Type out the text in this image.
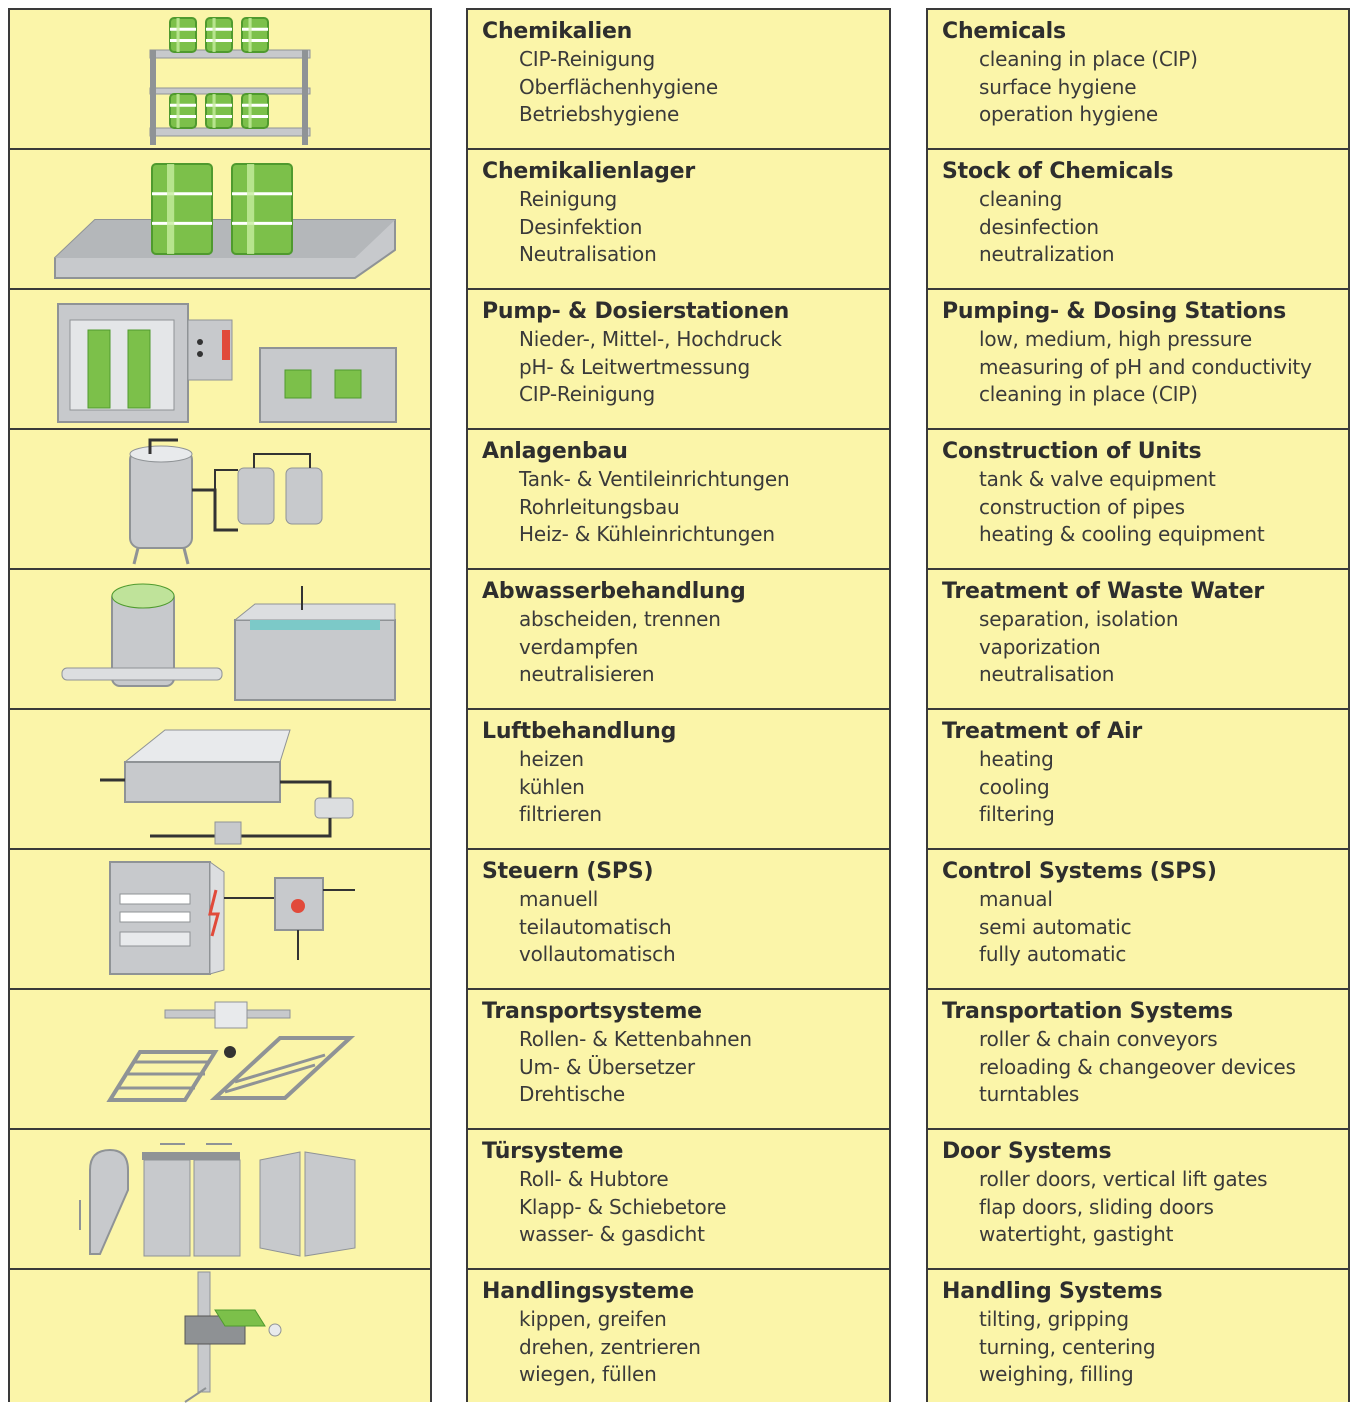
Chemikalien
CIP-Reinigung
Oberflächenhygiene
Betriebshygiene
Chemikalienlager
Reinigung
Desinfektion
Neutralisation
Pump- & Dosierstationen
Nieder-, Mittel-, Hochdruck
pH- & Leitwertmessung
CIP-Reinigung
Anlagenbau
Tank- & Ventileinrichtungen
Rohrleitungsbau
Heiz- & Kühleinrichtungen
Abwasserbehandlung
abscheiden, trennen
verdampfen
neutralisieren
Luftbehandlung
heizen
kühlen
filtrieren
Steuern (SPS)
manuell
teilautomatisch
vollautomatisch
Transportsysteme
Rollen- & Kettenbahnen
Um- & Übersetzer
Drehtische
Türsysteme
Roll- & Hubtore
Klapp- & Schiebetore
wasser- & gasdicht
Handlingsysteme
kippen, greifen
drehen, zentrieren
wiegen, füllen
Chemicals
cleaning in place (CIP)
surface hygiene
operation hygiene
Stock of Chemicals
cleaning
desinfection
neutralization
Pumping- & Dosing Stations
low, medium, high pressure
measuring of pH and conductivity
cleaning in place (CIP)
Construction of Units
tank & valve equipment
construction of pipes
heating & cooling equipment
Treatment of Waste Water
separation, isolation
vaporization
neutralisation
Treatment of Air
heating
cooling
filtering
Control Systems (SPS)
manual
semi automatic
fully automatic
Transportation Systems
roller & chain conveyors
reloading & changeover devices
turntables
Door Systems
roller doors, vertical lift gates
flap doors, sliding doors
watertight, gastight
Handling Systems
tilting, gripping
turning, centering
weighing, filling
